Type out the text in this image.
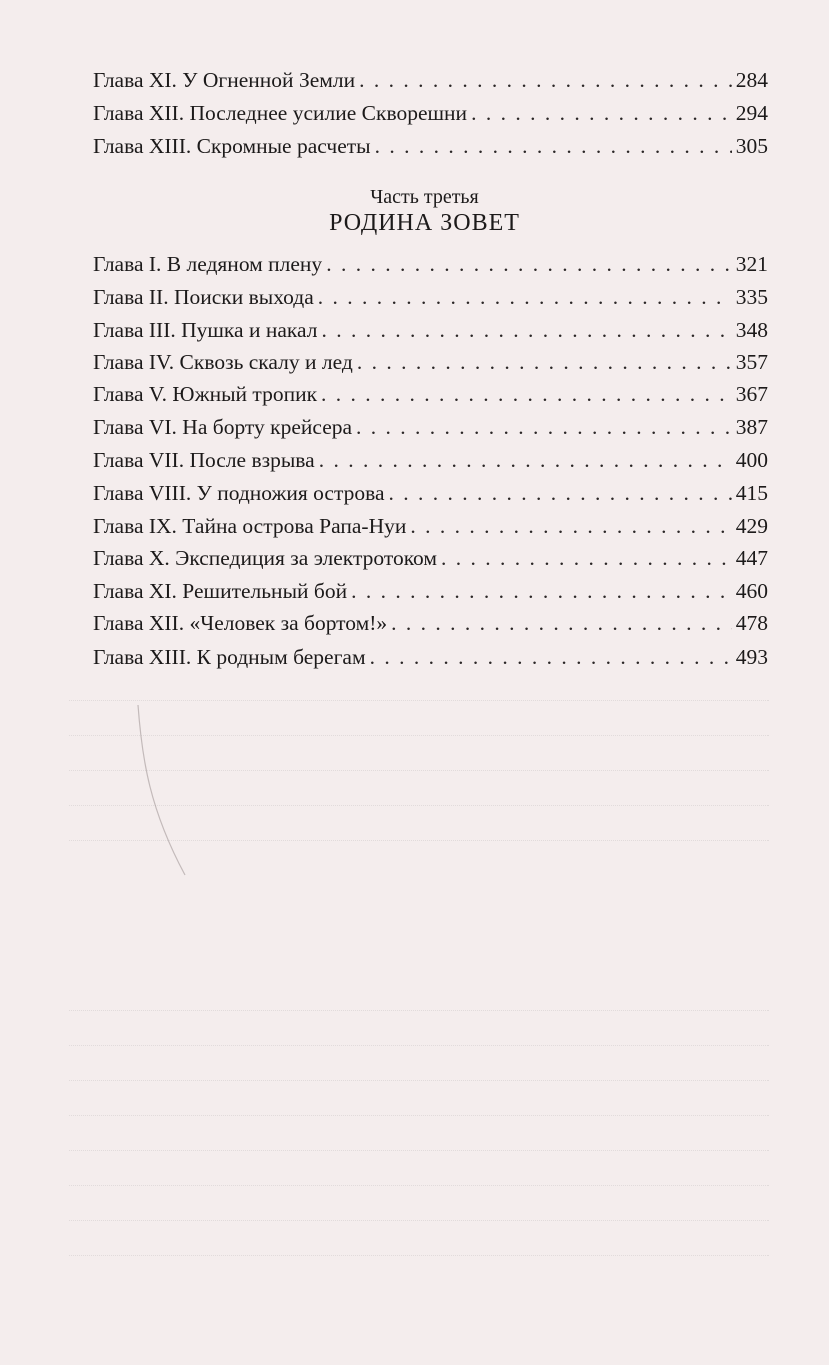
Глава XI. У Огненной Земли . . .	284
Глава XII. Последнее усилие Скворешни . . .	294
Глава XIII. Скромные расчеты . . .	305
Часть третья
РОДИНА ЗОВЕТ
Глава I. В ледяном плену . . .	321
Глава II. Поиски выхода . . .	335
Глава III. Пушка и накал . . .	348
Глава IV. Сквозь скалу и лед . . .	357
Глава V. Южный тропик . . .	367
Глава VI. На борту крейсера . . .	387
Глава VII. После взрыва . . .	400
Глава VIII. У подножия острова . . .	415
Глава IX. Тайна острова Рапа-Нуи . . .	429
Глава X. Экспедиция за электротоком . . .	447
Глава XI. Решительный бой . . .	460
Глава XII. «Человек за бортом!» . . .	478
Глава XIII. К родным берегам . . .	493
